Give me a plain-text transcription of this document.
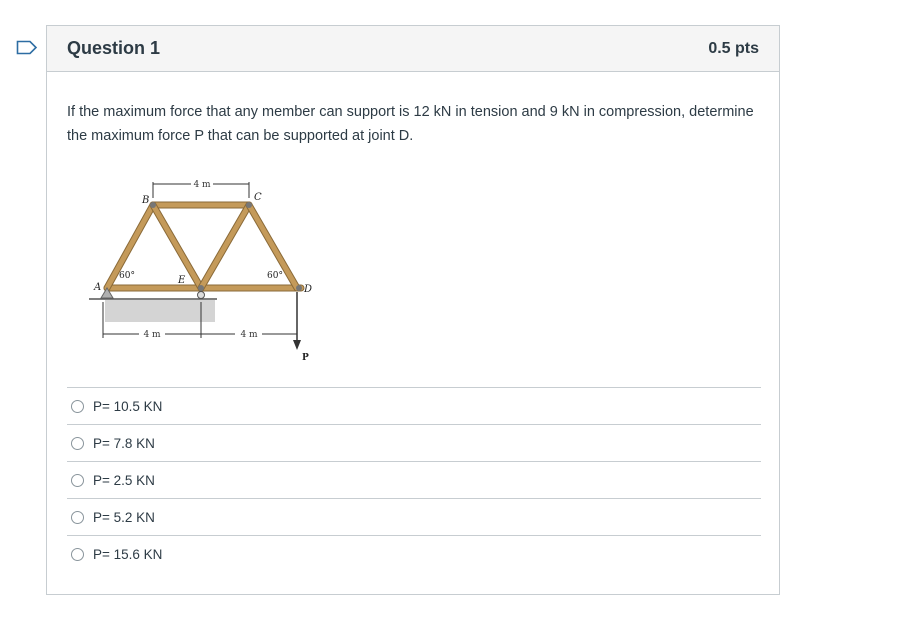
Question 1	0.5 pts
If the maximum force that any member can support is 12 kN in tension and 9 kN in compression, determine the maximum force P that can be supported at joint D.
4 m
A
B	C
D
E
60°	60°
4 m	4 m
P
P= 10.5 KN
P= 7.8 KN
P= 2.5 KN
P= 5.2 KN
P= 15.6 KN
